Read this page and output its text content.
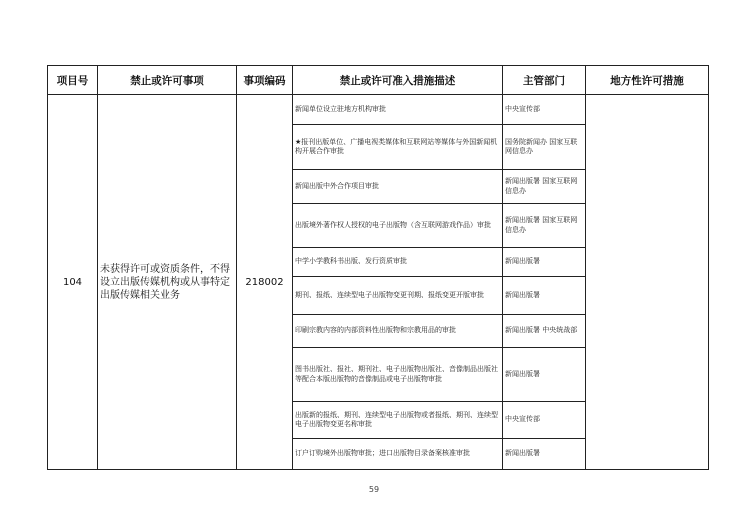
项目号	禁止或许可事项	事项编码	禁止或许可准入措施描述	主管部门	地方性许可措施
104	未获得许可或资质条件，不得设立出版传媒机构或从事特定出版传媒相关业务	218002	新闻单位设立驻地方机构审批	中央宣传部	
			★报刊出版单位、广播电视类媒体和互联网站等媒体与外国新闻机构开展合作审批	国务院新闻办 国家互联网信息办	
			新闻出版中外合作项目审批	新闻出版署 国家互联网信息办	
			出版境外著作权人授权的电子出版物（含互联网游戏作品）审批	新闻出版署 国家互联网信息办	
			中学小学教科书出版、发行资质审批	新闻出版署	
			期刊、报纸、连续型电子出版物变更刊期、报纸变更开版审批	新闻出版署	
			印刷宗教内容的内部资料性出版物和宗教用品的审批	新闻出版署 中央统战部	
			图书出版社、报社、期刊社、电子出版物出版社、音像制品出版社等配合本版出版物的音像制品或电子出版物审批	新闻出版署	
			出版新的报纸、期刊、连续型电子出版物或者报纸、期刊、连续型电子出版物变更名称审批	中央宣传部	
			订户订购境外出版物审批；进口出版物目录备案核准审批	新闻出版署	
59
